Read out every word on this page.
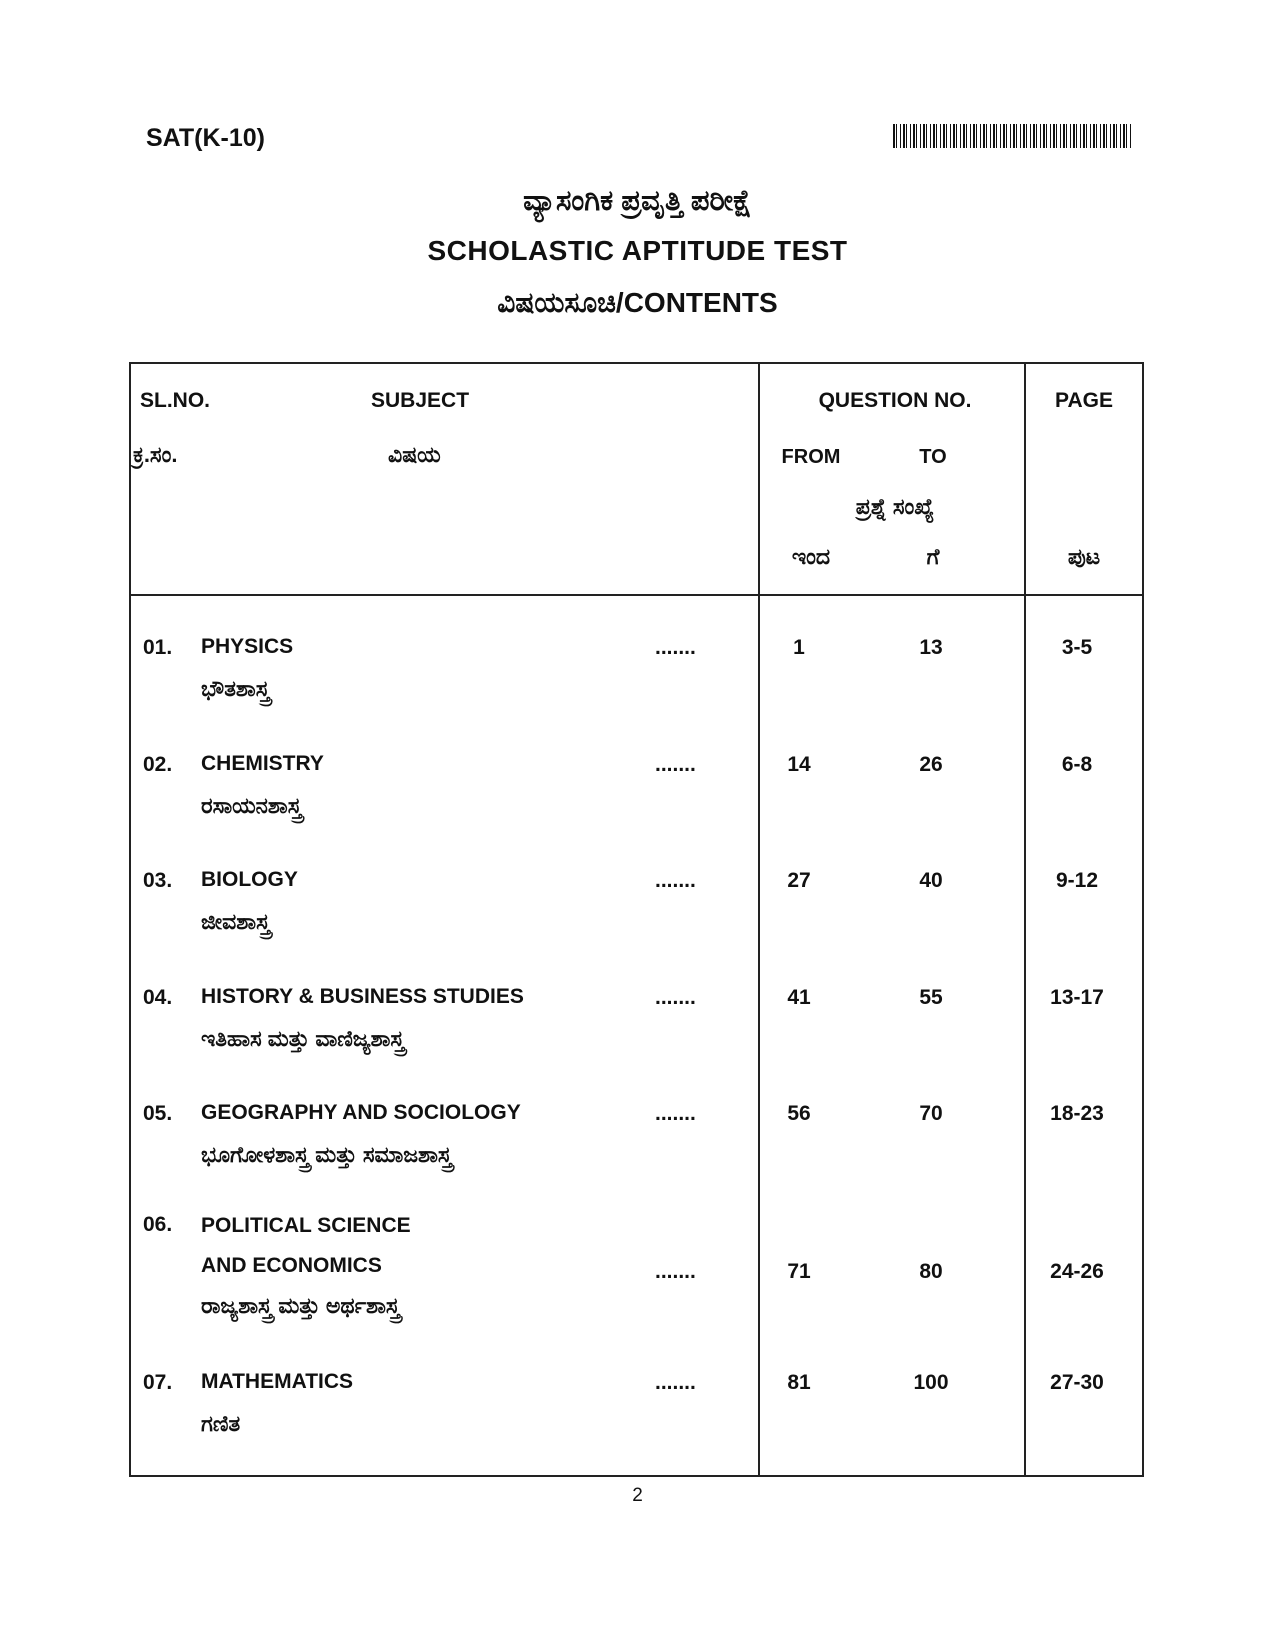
SAT(K-10)
ವ್ಯಾಸಂಗಿಕ ಪ್ರವೃತ್ತಿ ಪರೀಕ್ಷೆ
SCHOLASTIC APTITUDE TEST
ವಿಷಯಸೂಚಿ/CONTENTS
SL.NO.	SUBJECT
ಕ್ರ.ಸಂ.	ವಿಷಯ
QUESTION NO.
FROM	TO
ಪ್ರಶ್ನೆ ಸಂಖ್ಯೆ
ಇಂದ	ಗೆ
PAGE
ಪುಟ
01. PHYSICS
ಭೌತಶಾಸ್ತ್ರ
.......	1	13	3-5
02. CHEMISTRY
ರಸಾಯನಶಾಸ್ತ್ರ
.......	14	26	6-8
03. BIOLOGY
ಜೀವಶಾಸ್ತ್ರ
.......	27	40	9-12
04. HISTORY & BUSINESS STUDIES
ಇತಿಹಾಸ ಮತ್ತು ವಾಣಿಜ್ಯಶಾಸ್ತ್ರ
.......	41	55	13-17
05. GEOGRAPHY AND SOCIOLOGY
ಭೂಗೋಳಶಾಸ್ತ್ರ ಮತ್ತು ಸಮಾಜಶಾಸ್ತ್ರ
.......	56	70	18-23
06. POLITICAL SCIENCE
AND ECONOMICS
ರಾಜ್ಯಶಾಸ್ತ್ರ ಮತ್ತು ಅರ್ಥಶಾಸ್ತ್ರ
.......	71	80	24-26
07. MATHEMATICS
ಗಣಿತ
.......	81	100	27-30
2
